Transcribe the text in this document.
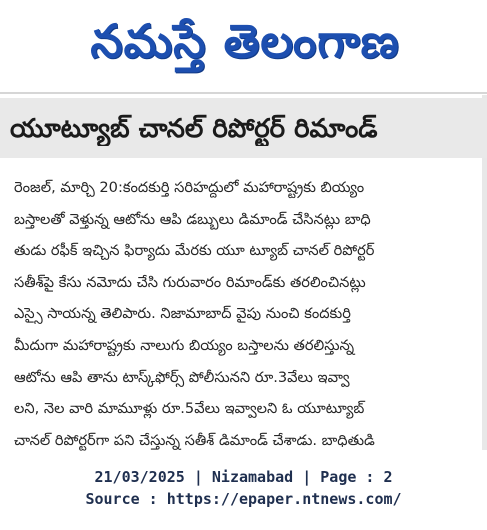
నమస్తే తెలంగాణ
యూట్యూబ్ చానల్ రిపోర్టర్ రిమాండ్
రెంజల్, మార్చి 20:కందకుర్తి సరిహద్దులో మహారాష్ట్రకు బియ్యం
బస్తాలతో వెళ్తున్న ఆటోను ఆపి డబ్బులు డిమాండ్ చేసినట్లు బాధి
తుడు రఫీక్ ఇచ్చిన ఫిర్యాదు మేరకు యూ ట్యూబ్ చానల్ రిపోర్టర్
సతీశ్‌పై కేసు నమోదు చేసి గురువారం రిమాండ్‌కు తరలించినట్లు
ఎస్సై సాయన్న తెలిపారు. నిజామాబాద్ వైపు నుంచి కందకుర్తి
మీదుగా మహారాష్ట్రకు నాలుగు బియ్యం బస్తాలను తరలిస్తున్న
ఆటోను ఆపి తాను టాస్క్‌ఫోర్స్ పోలీసునని రూ.3వేలు ఇవ్వా
లని, నెల వారి మామూళ్లు రూ.5వేలు ఇవ్వాలని ఓ యూట్యూబ్
చానల్ రిపోర్టర్‌గా పని చేస్తున్న సతీశ్ డిమాండ్ చేశాడు. బాధితుడి
21/03/2025 | Nizamabad | Page : 2
Source : https://epaper.ntnews.com/
